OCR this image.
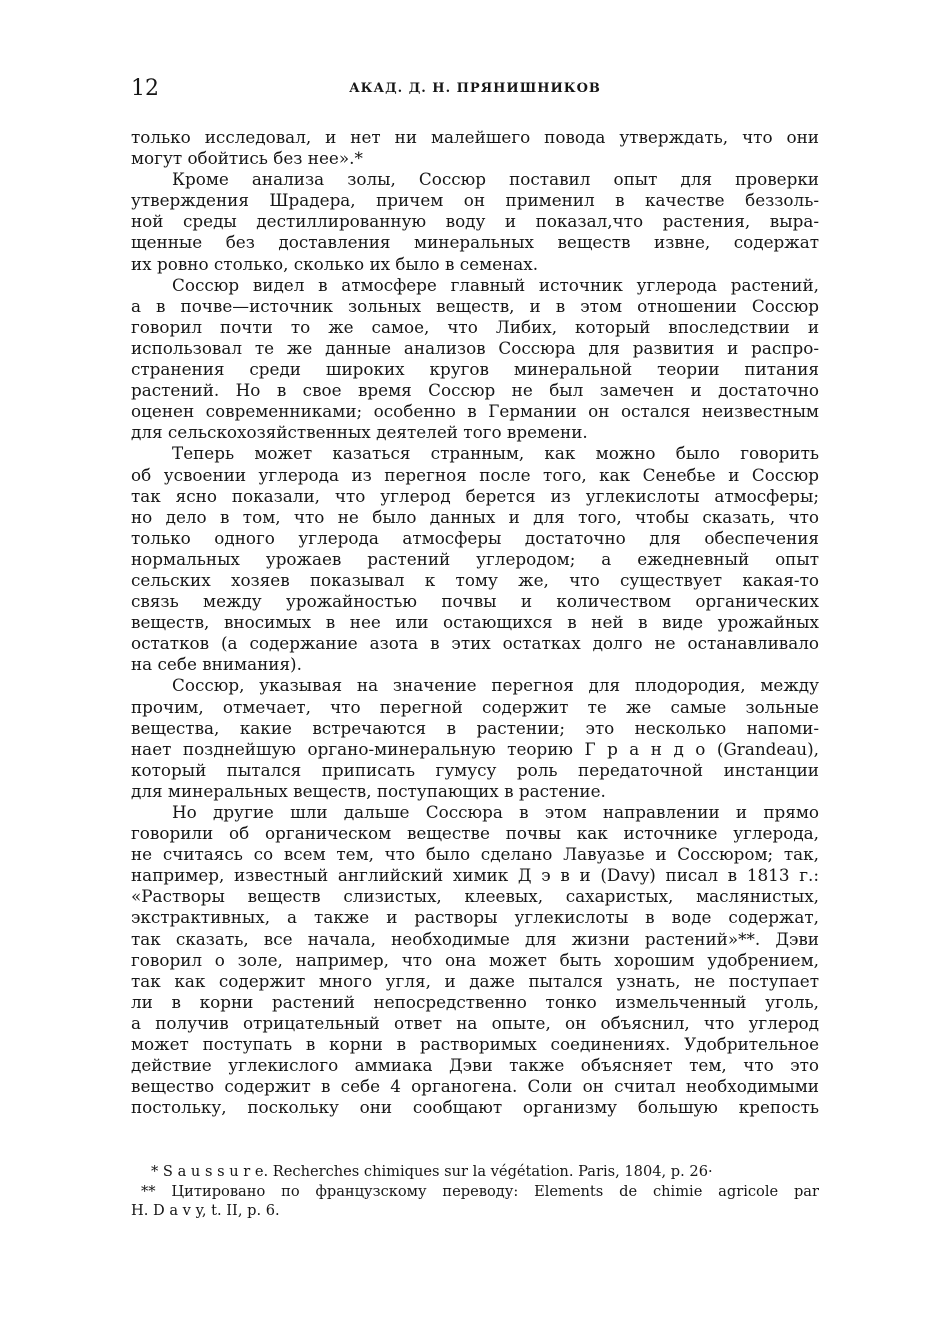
12	АКАД. Д. Н. ПРЯНИШНИКОВ
только исследовал, и нет ни малейшего повода утверждать, что они
могут обойтись без нее».*
Кроме анализа золы, Соссюр поставил опыт для проверки
утверждения Шрадера, причем он применил в качестве беззоль-
ной среды дестиллированную воду и показал,что растения, выра-
щенные без доставления минеральных веществ извне, содержат
их ровно столько, сколько их было в семенах.
Соссюр видел в атмосфере главный источник углерода растений,
а в почве—источник зольных веществ, и в этом отношении Соссюр
говорил почти то же самое, что Либих, который впоследствии и
использовал те же данные анализов Соссюра для развития и распро-
странения среди широких кругов минеральной теории питания
растений. Но в свое время Соссюр не был замечен и достаточно
оценен современниками; особенно в Германии он остался неизвестным
для сельскохозяйственных деятелей того времени.
Теперь может казаться странным, как можно было говорить
об усвоении углерода из перегноя после того, как Сенебье и Соссюр
так ясно показали, что углерод берется из углекислоты атмосферы;
но дело в том, что не было данных и для того, чтобы сказать, что
только одного углерода атмосферы достаточно для обеспечения
нормальных урожаев растений углеродом; а ежедневный опыт
сельских хозяев показывал к тому же, что существует какая-то
связь между урожайностью почвы и количеством органических
веществ, вносимых в нее или остающихся в ней в виде урожайных
остатков (а содержание азота в этих остатках долго не останавливало
на себе внимания).
Соссюр, указывая на значение перегноя для плодородия, между
прочим, отмечает, что перегной содержит те же самые зольные
вещества, какие встречаются в растении; это несколько напоми-
нает позднейшую органо-минеральную теорию Г р а н д о (Grandeau),
который пытался приписать гумусу роль передаточной инстанции
для минеральных веществ, поступающих в растение.
Но другие шли дальше Соссюра в этом направлении и прямо
говорили об органическом веществе почвы как источнике углерода,
не считаясь со всем тем, что было сделано Лавуазье и Соссюром; так,
например, известный английский химик Д э в и (Davy) писал в 1813 г.:
«Растворы веществ слизистых, клеевых, сахаристых, маслянистых,
экстрактивных, а также и растворы углекислоты в воде содержат,
так сказать, все начала, необходимые для жизни растений»**. Дэви
говорил о золе, например, что она может быть хорошим удобрением,
так как содержит много угля, и даже пытался узнать, не поступает
ли в корни растений непосредственно тонко измельченный уголь,
а получив отрицательный ответ на опыте, он объяснил, что углерод
может поступать в корни в растворимых соединениях. Удобрительное
действие углекислого аммиака Дэви также объясняет тем, что это
вещество содержит в себе 4 органогена. Соли он считал необходимыми
постольку, поскольку они сообщают организму большую крепость
* S a u s s u r e. Recherches chimiques sur la végétation. Paris, 1804, p. 26·
** Цитировано по французскому переводу: Elements de chimie agricole par
H. D a v y, t. II, p. 6.
